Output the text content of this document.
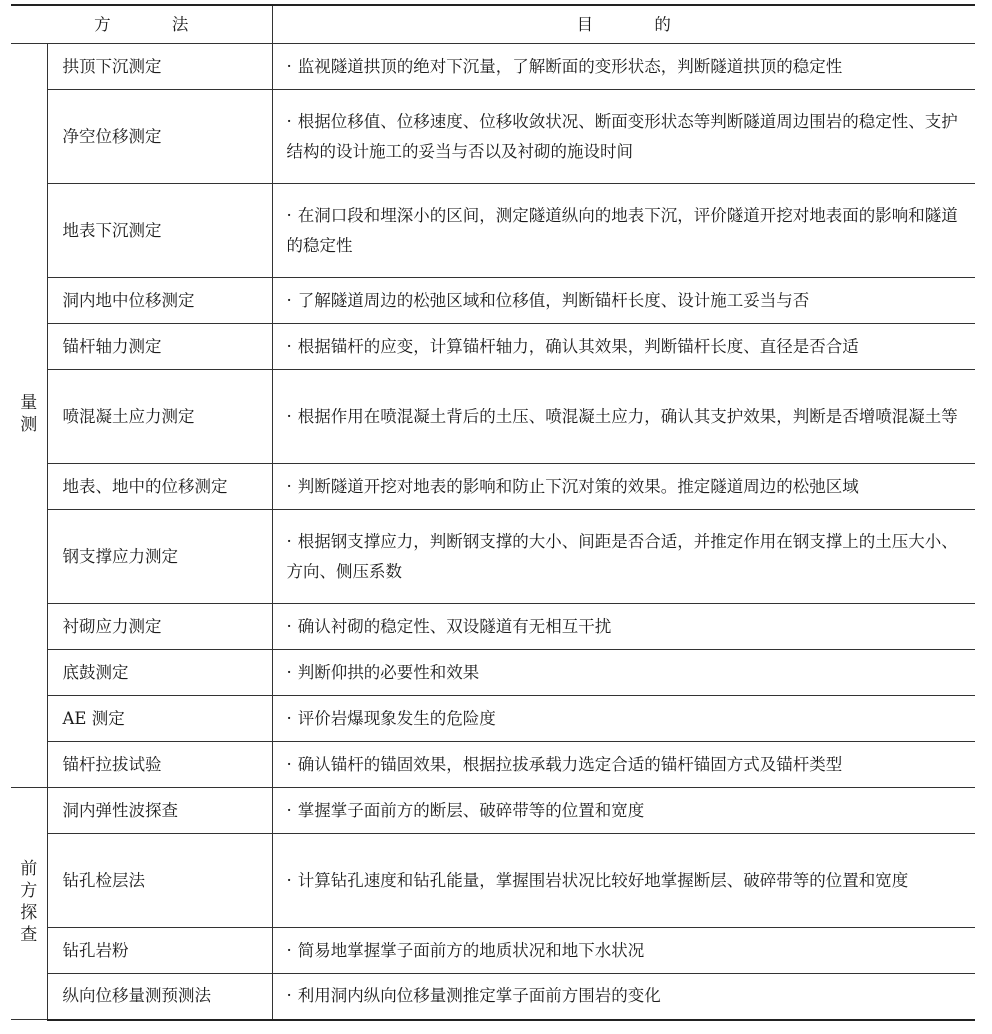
方 法		目 的
量测	拱顶下沉测定	· 监视隧道拱顶的绝对下沉量，了解断面的变形状态，判断隧道拱顶的稳定性
	净空位移测定	· 根据位移值、位移速度、位移收敛状况、断面变形状态等判断隧道周边围岩的稳定性、支护结构的设计施工的妥当与否以及衬砌的施设时间
	地表下沉测定	· 在洞口段和埋深小的区间，测定隧道纵向的地表下沉，评价隧道开挖对地表面的影响和隧道的稳定性
	洞内地中位移测定	· 了解隧道周边的松弛区域和位移值，判断锚杆长度、设计施工妥当与否
	锚杆轴力测定	· 根据锚杆的应变，计算锚杆轴力，确认其效果，判断锚杆长度、直径是否合适
	喷混凝土应力测定	· 根据作用在喷混凝土背后的土压、喷混凝土应力，确认其支护效果，判断是否增喷混凝土等
	地表、地中的位移测定	· 判断隧道开挖对地表的影响和防止下沉对策的效果。推定隧道周边的松弛区域
	钢支撑应力测定	· 根据钢支撑应力，判断钢支撑的大小、间距是否合适，并推定作用在钢支撑上的土压大小、方向、侧压系数
	衬砌应力测定	· 确认衬砌的稳定性、双设隧道有无相互干扰
	底鼓测定	· 判断仰拱的必要性和效果
	AE 测定	· 评价岩爆现象发生的危险度
	锚杆拉拔试验	· 确认锚杆的锚固效果，根据拉拔承载力选定合适的锚杆锚固方式及锚杆类型
前方探查	洞内弹性波探查	· 掌握掌子面前方的断层、破碎带等的位置和宽度
	钻孔检层法	· 计算钻孔速度和钻孔能量，掌握围岩状况比较好地掌握断层、破碎带等的位置和宽度
	钻孔岩粉	· 简易地掌握掌子面前方的地质状况和地下水状况
	纵向位移量测预测法	· 利用洞内纵向位移量测推定掌子面前方围岩的变化
